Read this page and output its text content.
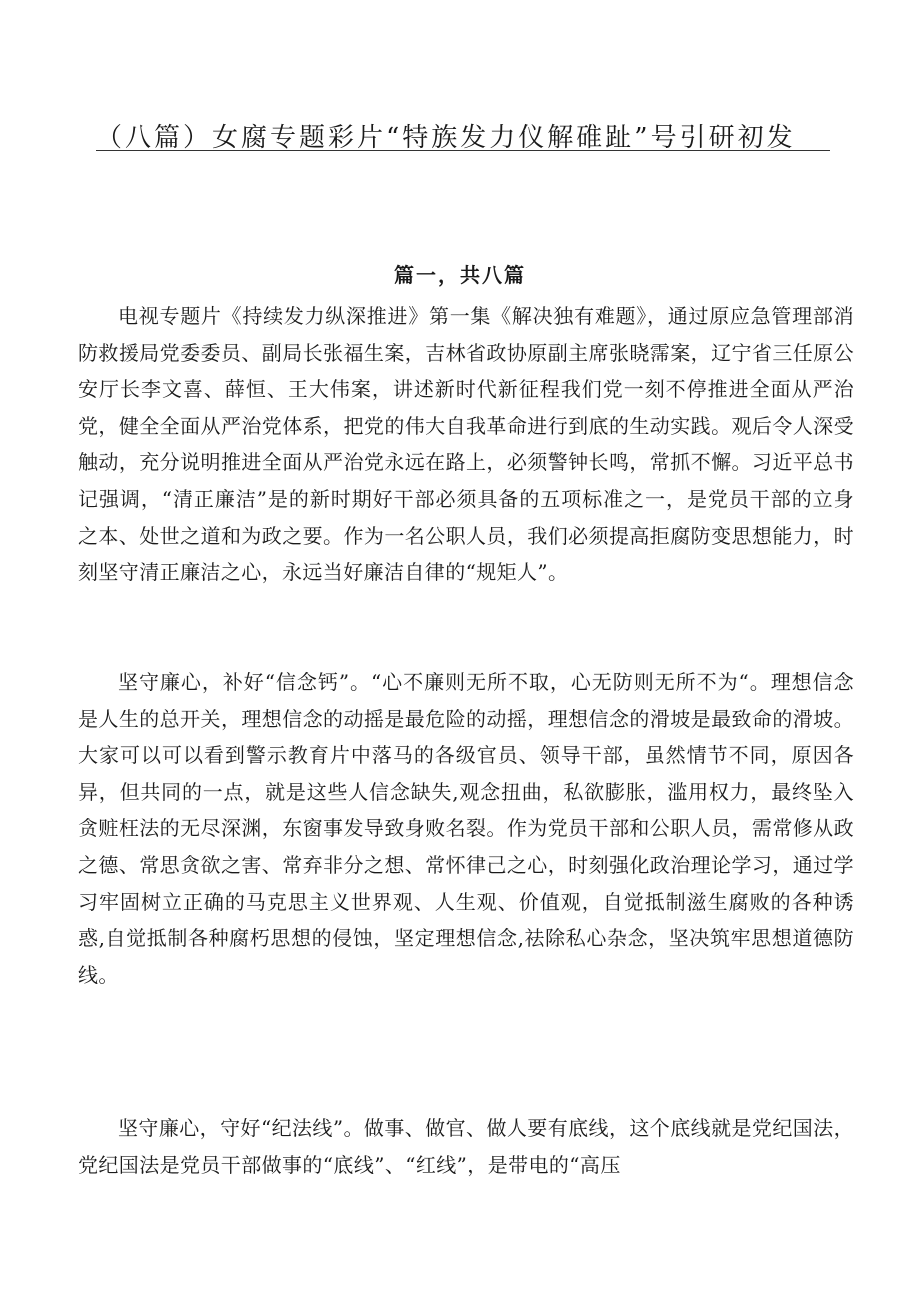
（八篇）女腐专题彩片“特族发力仪解碓趾”号引研初发
篇一，共八篇

电视专题片《持续发力纵深推进》第一集《解决独有难题》，通过原应急管理部消防救援局党委委员、副局长张福生案，吉林省政协原副主席张晓霈案，辽宁省三任原公安厅长李文喜、薛恒、王大伟案，讲述新时代新征程我们党一刻不停推进全面从严治党，健全全面从严治党体系，把党的伟大自我革命进行到底的生动实践。观后令人深受触动，充分说明推进全面从严治党永远在路上，必须警钟长鸣，常抓不懈。习近平总书记强调，“清正廉洁”是的新时期好干部必须具备的五项标准之一，是党员干部的立身之本、处世之道和为政之要。作为一名公职人员，我们必须提高拒腐防变思想能力，时刻坚守清正廉洁之心，永远当好廉洁自律的“规矩人”。

坚守廉心，补好“信念钙”。“心不廉则无所不取，心无防则无所不为“。理想信念是人生的总开关，理想信念的动摇是最危险的动摇，理想信念的滑坡是最致命的滑坡。大家可以可以看到警示教育片中落马的各级官员、领导干部，虽然情节不同，原因各异，但共同的一点，就是这些人信念缺失,观念扭曲，私欲膨胀，滥用权力，最终坠入贪赃枉法的无尽深渊，东窗事发导致身败名裂。作为党员干部和公职人员，需常修从政之德、常思贪欲之害、常弃非分之想、常怀律己之心，时刻强化政治理论学习，通过学习牢固树立正确的马克思主义世界观、人生观、价值观，自觉抵制滋生腐败的各种诱惑,自觉抵制各种腐朽思想的侵蚀，坚定理想信念,祛除私心杂念，坚决筑牢思想道德防线。

坚守廉心，守好“纪法线”。做事、做官、做人要有底线，这个底线就是党纪国法，党纪国法是党员干部做事的“底线”、“红线”，是带电的“高压
